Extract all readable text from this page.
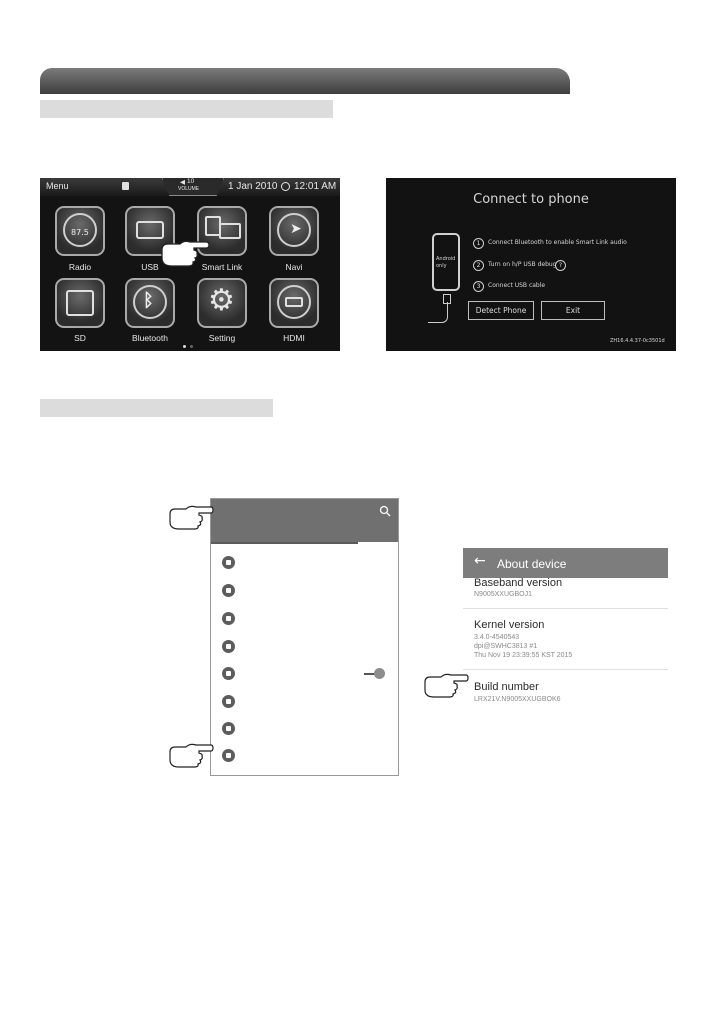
Menu	◀ 10
VOLUME	1 Jan 2010 12:01 AM
87.5	➤
Radio	USB	Smart Link	Navi
ᛒ ⚙
SD	Bluetooth	Setting	HDMI
Connect to phone
Android only
1	Connect Bluetooth to enable Smart Link audio
2	Turn on h/P USB debug ?
3	Connect USB cable
Detect Phone	Exit
ZH16.4.4.37-0c3501d
← About device
Baseband version
N9005XXUGBOJ1
Kernel version
3.4.0-4540543
dpi@SWHC3813 #1
Thu Nov 19 23:39:55 KST 2015
Build number
LRX21V.N9005XXUGBOK6
